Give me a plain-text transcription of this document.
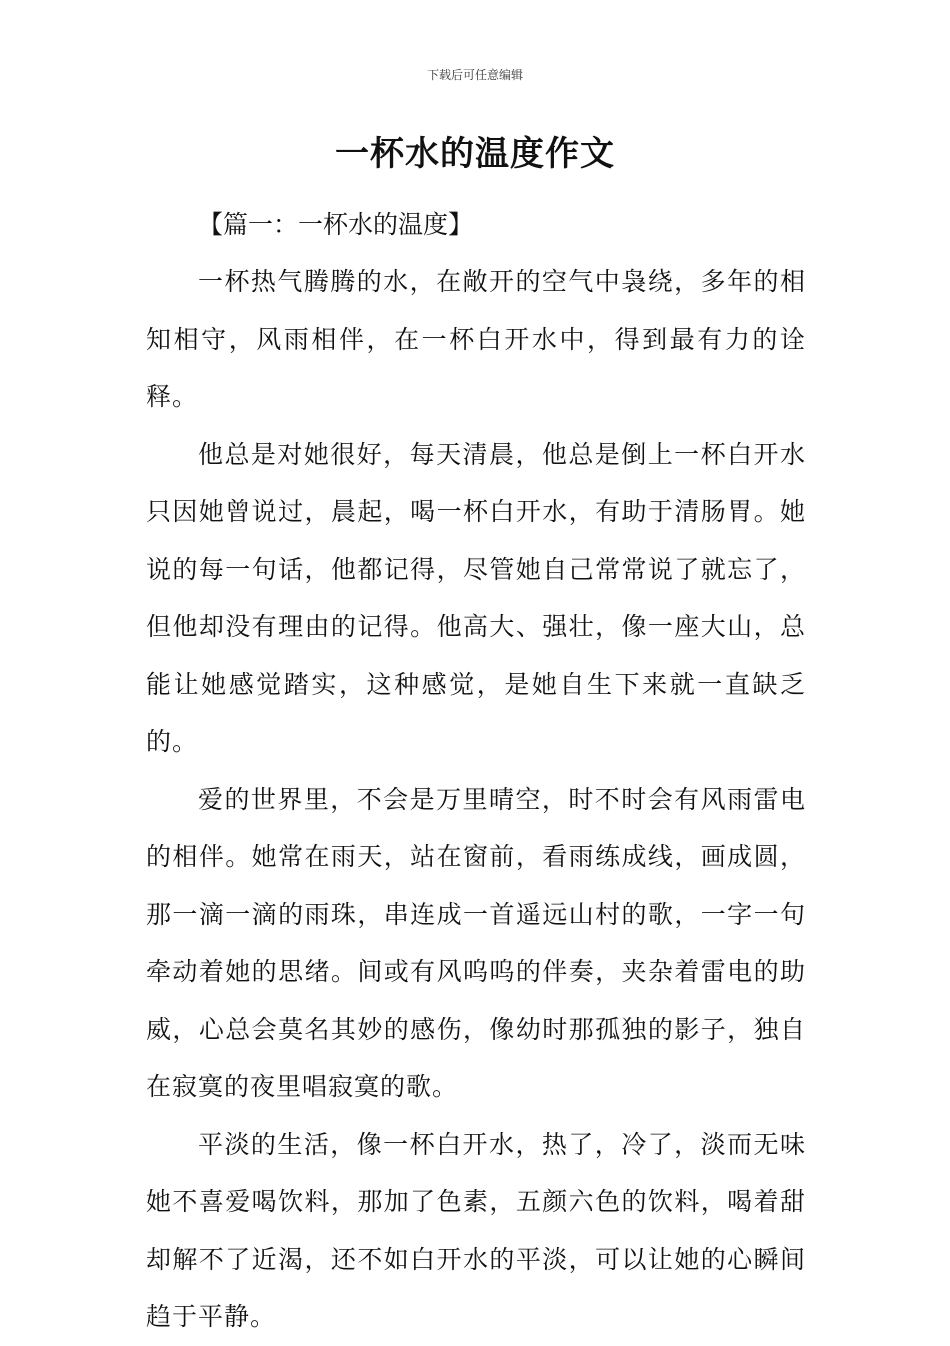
下载后可任意编辑
一杯水的温度作文

【篇一：一杯水的温度】

一杯热气腾腾的水，在敞开的空气中袅绕，多年的相知相守，风雨相伴，在一杯白开水中，得到最有力的诠释。

他总是对她很好，每天清晨，他总是倒上一杯白开水只因她曾说过，晨起，喝一杯白开水，有助于清肠胃。她说的每一句话，他都记得，尽管她自己常常说了就忘了，但他却没有理由的记得。他高大、强壮，像一座大山，总能让她感觉踏实，这种感觉，是她自生下来就一直缺乏的。

爱的世界里，不会是万里晴空，时不时会有风雨雷电的相伴。她常在雨天，站在窗前，看雨练成线，画成圆，那一滴一滴的雨珠，串连成一首遥远山村的歌，一字一句牵动着她的思绪。间或有风呜呜的伴奏，夹杂着雷电的助威，心总会莫名其妙的感伤，像幼时那孤独的影子，独自在寂寞的夜里唱寂寞的歌。

平淡的生活，像一杯白开水，热了，冷了，淡而无味她不喜爱喝饮料，那加了色素，五颜六色的饮料，喝着甜却解不了近渴，还不如白开水的平淡，可以让她的心瞬间趋于平静。
